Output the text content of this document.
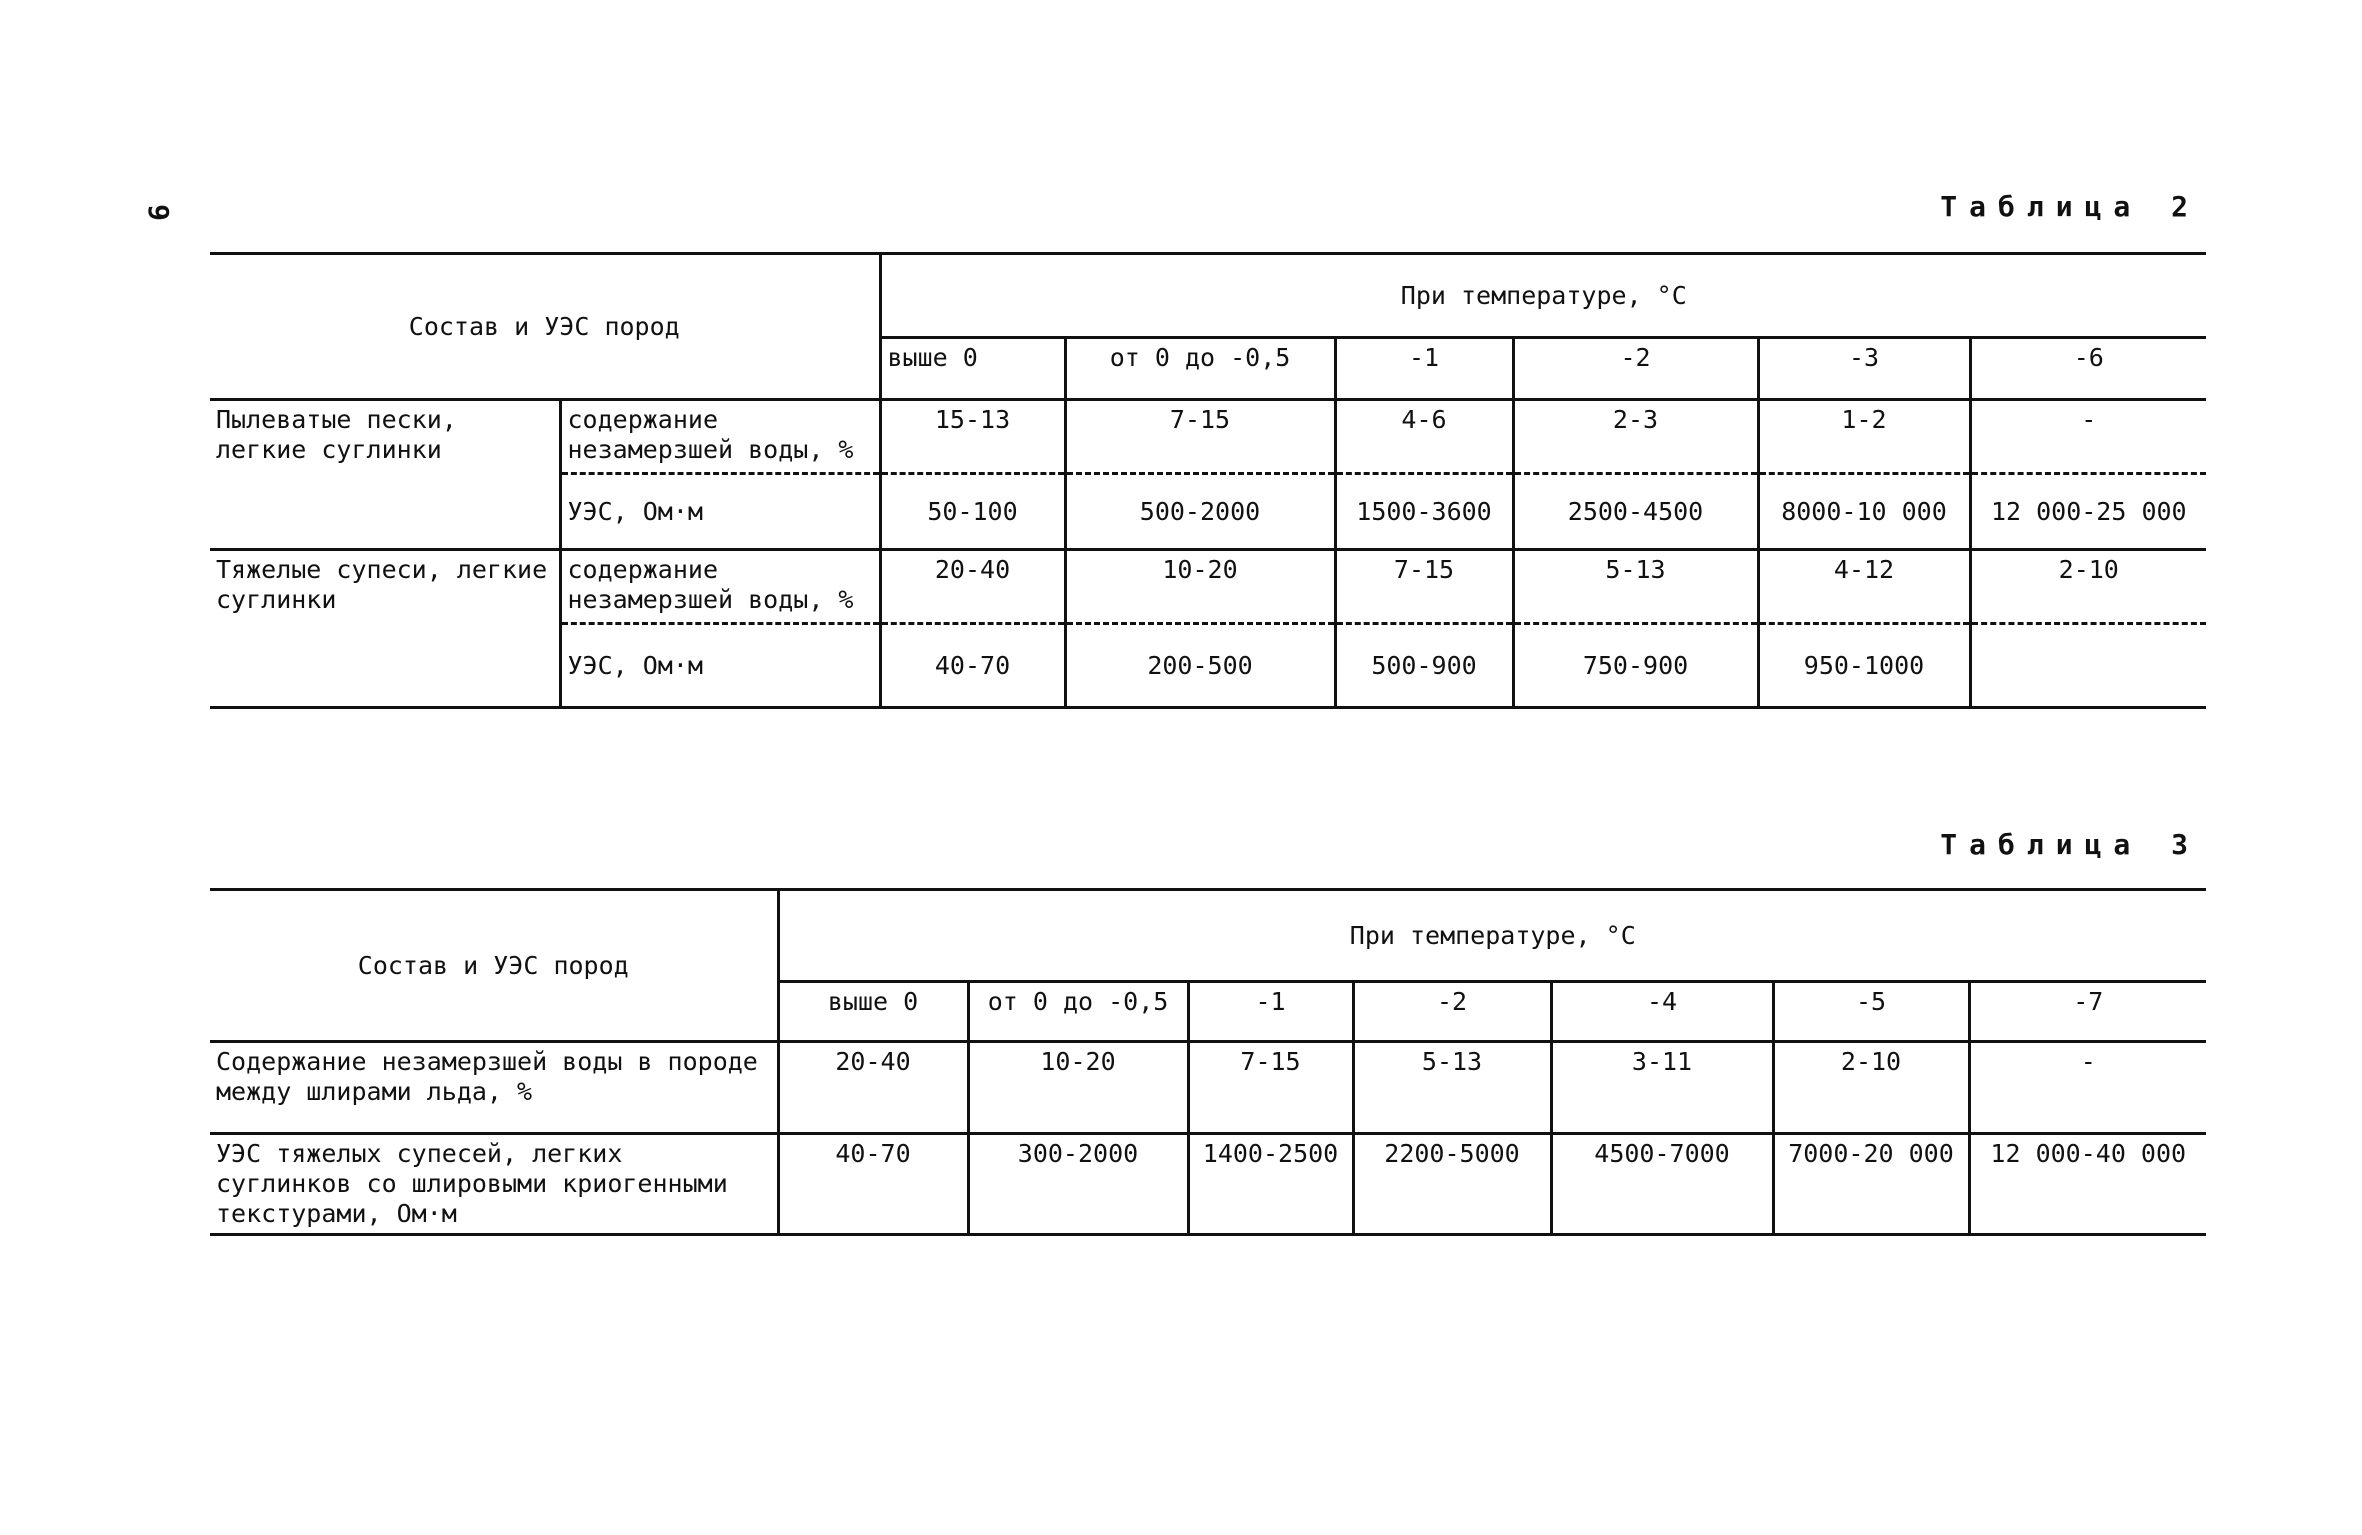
9	Таблица 2
Состав и УЭС пород		При температуре, °С					
		выше 0	от 0 до -0,5	-1	-2	-3	-6
Пылеватые пески, легкие суглинки	содержание незамерзшей воды, %	15-13	7-15	4-6	2-3	1-2	-
	УЭС, Ом·м	50-100	500-2000	1500-3600	2500-4500	8000-10 000	12 000-25 000
Тяжелые супеси, легкие суглинки	содержание незамерзшей воды, %	20-40	10-20	7-15	5-13	4-12	2-10
	УЭС, Ом·м	40-70	200-500	500-900	750-900	950-1000	
Таблица 3
Состав и УЭС пород	При температуре, °С						
	выше 0	от 0 до -0,5	-1	-2	-4	-5	-7
Содержание незамерзшей воды в породе между шлирами льда, %	20-40	10-20	7-15	5-13	3-11	2-10	-
УЭС тяжелых супесей, легких суглинков со шлировыми криогенными текстурами, Ом·м	40-70	300-2000	1400-2500	2200-5000	4500-7000	7000-20 000	12 000-40 000
